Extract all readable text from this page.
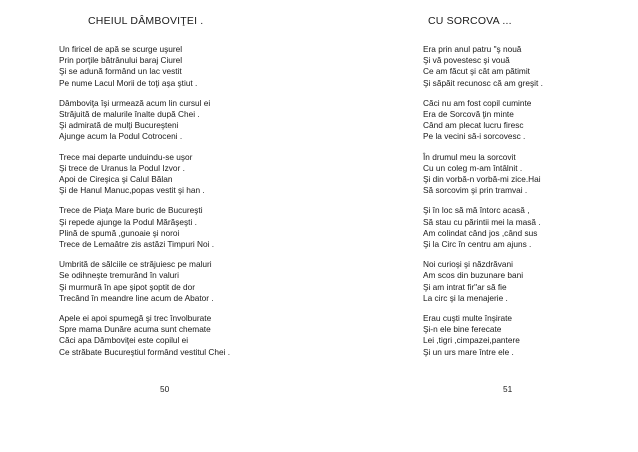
CHEIUL DÂMBOVIŢEI .
Un firicel de apă se scurge uşurel
Prin porţile bătrânului baraj Ciurel
Şi se adună formând un lac vestit
Pe nume Lacul Morii de toţi aşa ştiut .
Dâmboviţa îşi urmează acum lin cursul ei
Străjuită de malurile înalte după Chei .
Şi admirată de mulţi Bucureşteni
Ajunge acum la Podul Cotroceni .
Trece mai departe unduindu-se uşor
Şi trece de Uranus la Podul Izvor .
Apoi de Cireşica şi Calul Bălan
Şi de Hanul Manuc,popas vestit şi han .
Trece de Piaţa Mare buric de Bucureşti
Şi repede ajunge la Podul Mărăşeşti .
Plină de spumă ,gunoaie şi noroi
Trece de Lemaâtre zis astăzi Timpuri Noi .
Umbrită de sălciile ce străjuiesc pe maluri
Se odihneşte tremurând în valuri
Şi murmură în ape şipot şoptit de dor
Trecând în meandre line acum de Abator .
Apele ei apoi spumegă şi trec învolburate
Spre mama Dunăre acuma sunt chemate
Căci apa Dâmboviţei este copilul ei
Ce străbate Bucureştiul formând vestitul Chei .
50
CU SORCOVA ...
Era prin anul patru "ş nouă
Şi vă povestesc şi vouă
Ce am făcut şi cât am pătimit
Şi săpăit recunosc că am greşit .
Căci nu am fost copil cuminte
Era de Sorcovă ţin minte
Când am plecat lucru firesc
Pe la vecini să-i sorcovesc .
În drumul meu la sorcovit
Cu un coleg m-am întâlnit .
Şi din vorbă-n vorbă-mi zice.Hai
Să sorcovim şi prin tramvai .
Şi în loc să mă întorc acasă ,
Să stau cu părintii mei la masă .
Am colindat când jos ,când sus
Şi la Circ în centru am ajuns .
Noi curioşi şi năzdrăvani
Am scos din buzunare bani
Şi am intrat fir"ar să fie
La circ şi la menajerie .
Erau cuşti multe înşirate
Şi-n ele bine ferecate
Lei ,tigri ,cimpazei,pantere
Şi un urs mare între ele .
51
